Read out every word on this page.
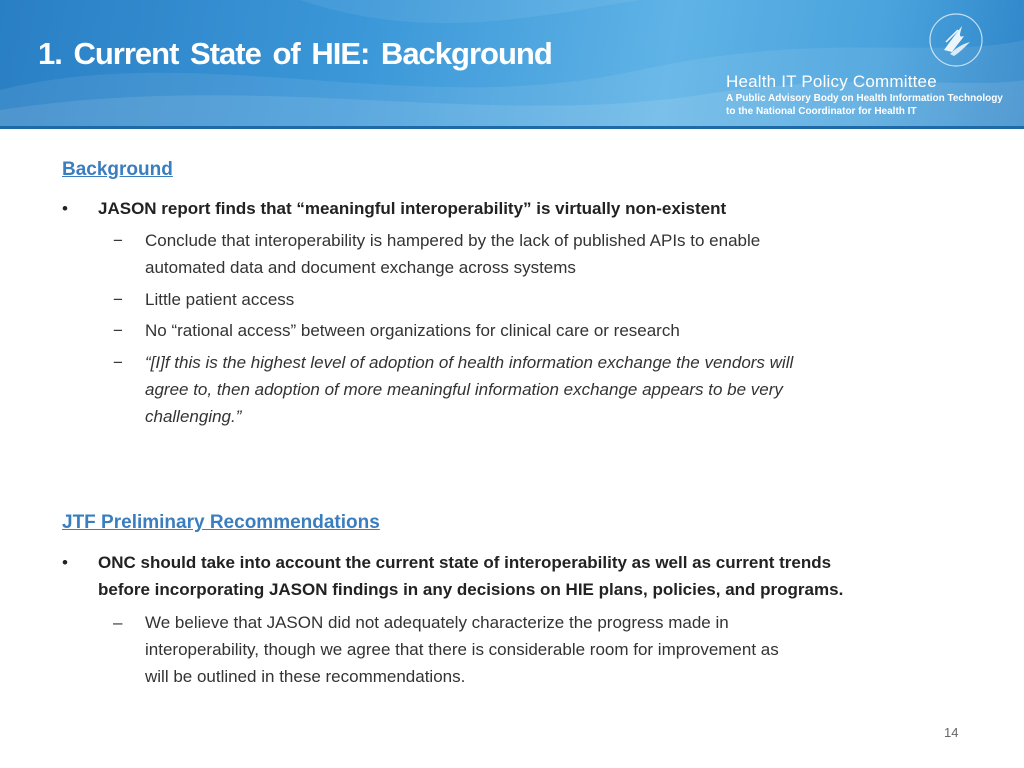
1. Current State of HIE: Background
Health IT Policy Committee
A Public Advisory Body on Health Information Technology
to the National Coordinator for Health IT
Background
• JASON report finds that “meaningful interoperability” is virtually non-existent
− Conclude that interoperability is hampered by the lack of published APIs to enable
automated data and document exchange across systems
− Little patient access
− No “rational access” between organizations for clinical care or research
− “[I]f this is the highest level of adoption of health information exchange the vendors will
agree to, then adoption of more meaningful information exchange appears to be very
challenging.”
JTF Preliminary Recommendations
• ONC should take into account the current state of interoperability as well as current trends
before incorporating JASON findings in any decisions on HIE plans, policies, and programs.
– We believe that JASON did not adequately characterize the progress made in
interoperability, though we agree that there is considerable room for improvement as
will be outlined in these recommendations.
14
